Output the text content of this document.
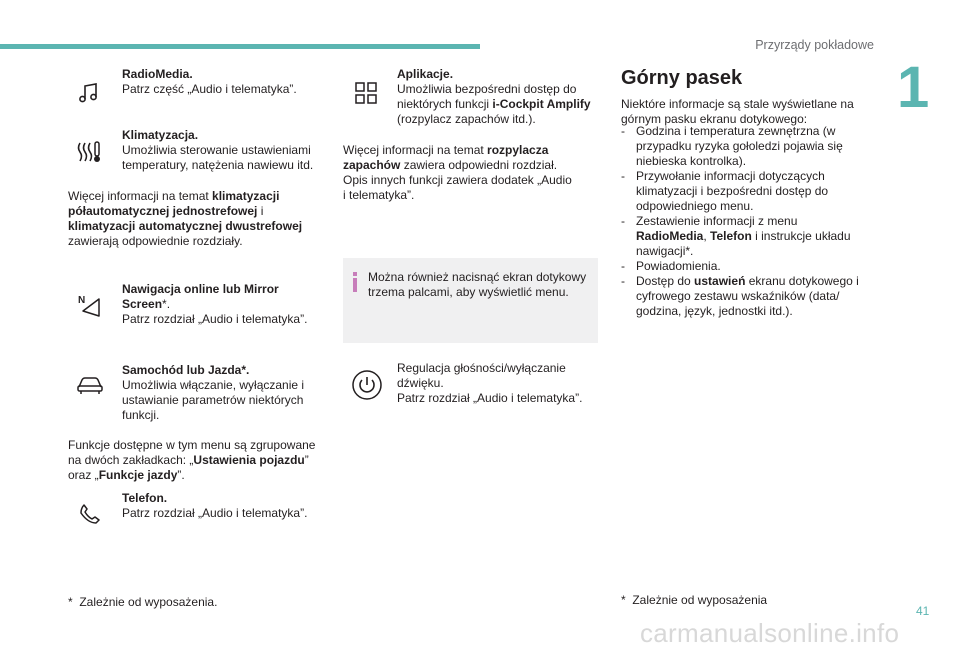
Przyrządy pokładowe
1
RadioMedia.
Patrz część „Audio i telematyka”.
Klimatyzacja.
Umożliwia sterowanie ustawieniami temperatury, natężenia nawiewu itd.
Więcej informacji na temat klimatyzacji półautomatycznej jednostrefowej i klimatyzacji automatycznej dwustrefowej zawierają odpowiednie rozdziały.
N
Nawigacja online lub Mirror Screen*.
Patrz rozdział „Audio i telematyka”.
Samochód lub Jazda*.
Umożliwia włączanie, wyłączanie i ustawianie parametrów niektórych funkcji.
Funkcje dostępne w tym menu są zgrupowane na dwóch zakładkach: „Ustawienia pojazdu” oraz „Funkcje jazdy”.
Telefon.
Patrz rozdział „Audio i telematyka”.
* Zależnie od wyposażenia.
Aplikacje.
Umożliwia bezpośredni dostęp do niektórych funkcji i-Cockpit Amplify (rozpylacz zapachów itd.).
Więcej informacji na temat rozpylacza zapachów zawiera odpowiedni rozdział.
Opis innych funkcji zawiera dodatek „Audio i telematyka”.
Można również nacisnąć ekran dotykowy trzema palcami, aby wyświetlić menu.
Regulacja głośności/wyłączanie dźwięku.
Patrz rozdział „Audio i telematyka”.
Górny pasek
Niektóre informacje są stale wyświetlane na górnym pasku ekranu dotykowego:
- Godzina i temperatura zewnętrzna (w przypadku ryzyka gołoledzi pojawia się niebieska kontrolka).
- Przywołanie informacji dotyczących klimatyzacji i bezpośredni dostęp do odpowiedniego menu.
- Zestawienie informacji z menu RadioMedia, Telefon i instrukcje układu nawigacji*.
- Powiadomienia.
- Dostęp do ustawień ekranu dotykowego i cyfrowego zestawu wskaźników (data/ godzina, język, jednostki itd.).
* Zależnie od wyposażenia
41
carmanualsonline.info
